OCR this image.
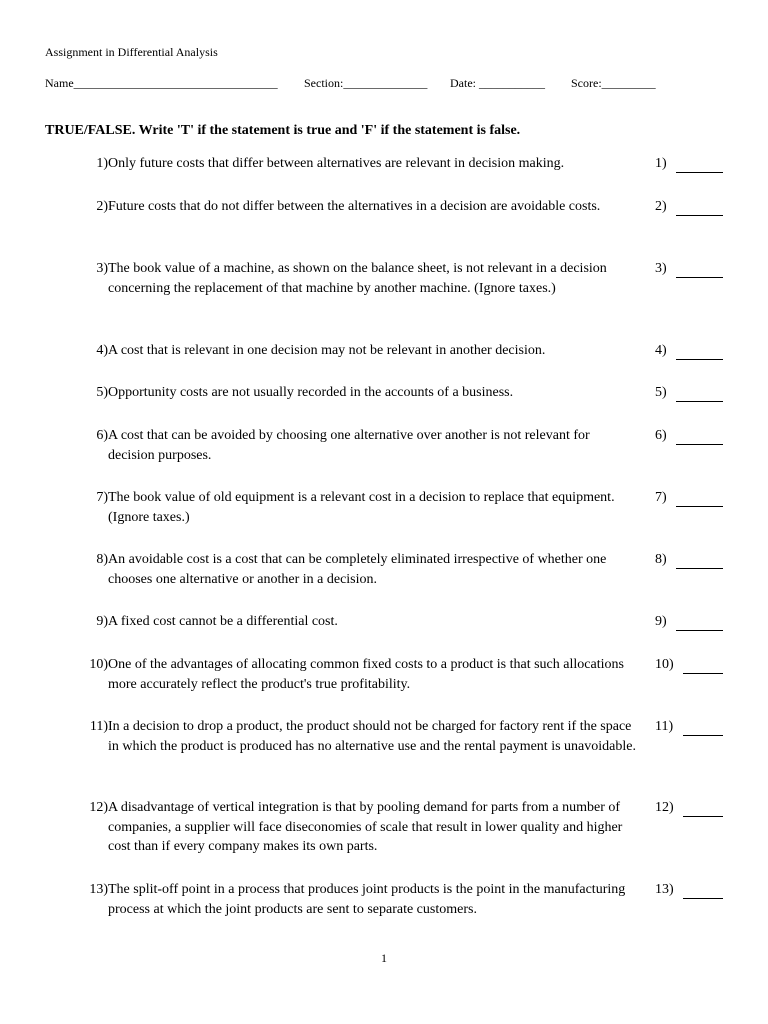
Assignment in Differential Analysis
Name__________________________________ Section:______________ Date: ___________ Score:_________
TRUE/FALSE. Write 'T' if the statement is true and 'F' if the statement is false.
1) Only future costs that differ between alternatives are relevant in decision making.	1)
2) Future costs that do not differ between the alternatives in a decision are avoidable costs.	2)
3) The book value of a machine, as shown on the balance sheet, is not relevant in a decision concerning the replacement of that machine by another machine. (Ignore taxes.)
3)
4) A cost that is relevant in one decision may not be relevant in another decision.	4)
5) Opportunity costs are not usually recorded in the accounts of a business.	5)
6) A cost that can be avoided by choosing one alternative over another is not relevant for decision purposes.
6)
7) The book value of old equipment is a relevant cost in a decision to replace that equipment. (Ignore taxes.)
7)
8) An avoidable cost is a cost that can be completely eliminated irrespective of whether one chooses one alternative or another in a decision.
8)
9) A fixed cost cannot be a differential cost.	9)
10) One of the advantages of allocating common fixed costs to a product is that such allocations more accurately reflect the product's true profitability.
10)
11) In a decision to drop a product, the product should not be charged for factory rent if the space in which the product is produced has no alternative use and the rental payment is unavoidable.
11)
12) A disadvantage of vertical integration is that by pooling demand for parts from a number of companies, a supplier will face diseconomies of scale that result in lower quality and higher cost than if every company makes its own parts.
12)
13) The split-off point in a process that produces joint products is the point in the manufacturing process at which the joint products are sent to separate customers.
13)
1
